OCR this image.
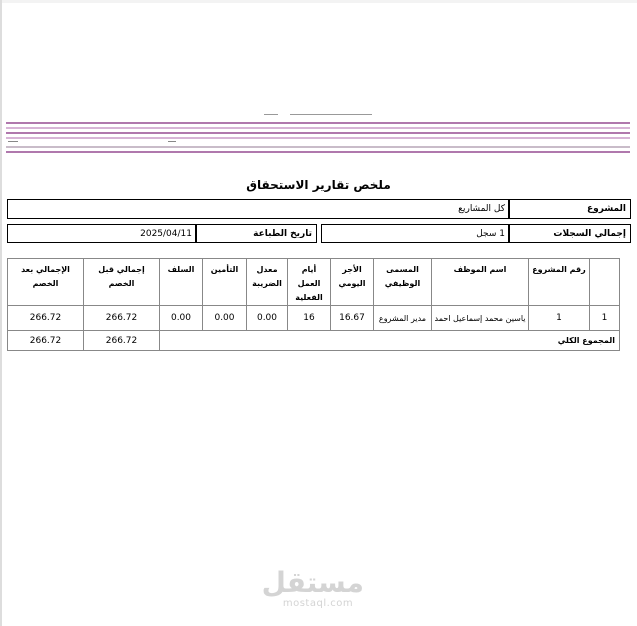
ملخص تقارير الاستحقاق
المشروع
كل المشاريع
إجمالي السجلات
1 سجل
تاريخ الطباعة
2025/04/11
	رقم المشروع	اسم الموظف	المسمى الوظيفي	الأجر اليومي	أيام العمل الفعلية	معدل الضريبة	التأمين	السلف	إجمالي قبل الخصم	الإجمالي بعد الخصم
1	1	ياسين محمد إسماعيل احمد	مدير المشروع	16.67	16	0.00	0.00	0.00	266.72	266.72
المجموع الكلي									266.72	266.72
مستقل
mostaql.com
